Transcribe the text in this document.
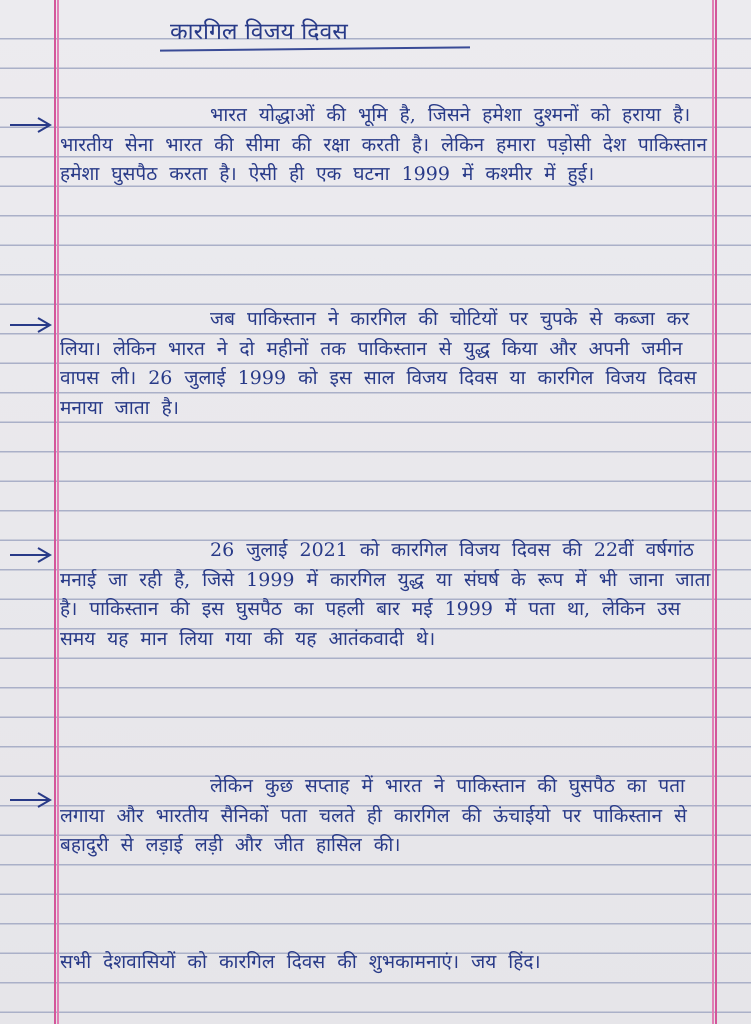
कारगिल विजय दिवस
भारत योद्धाओं की भूमि है, जिसने हमेशा दुश्मनों को हराया है। भारतीय सेना भारत की सीमा की रक्षा करती है। लेकिन हमारा पड़ोसी देश पाकिस्तान हमेशा घुसपैठ करता है। ऐसी ही एक घटना 1999 में कश्मीर में हुई।
जब पाकिस्तान ने कारगिल की चोटियों पर चुपके से कब्जा कर लिया। लेकिन भारत ने दो महीनों तक पाकिस्तान से युद्ध किया और अपनी जमीन वापस ली। 26 जुलाई 1999 को इस साल विजय दिवस या कारगिल विजय दिवस मनाया जाता है।
26 जुलाई 2021 को कारगिल विजय दिवस की 22वीं वर्षगांठ मनाई जा रही है, जिसे 1999 में कारगिल युद्ध या संघर्ष के रूप में भी जाना जाता है। पाकिस्तान की इस घुसपैठ का पहली बार मई 1999 में पता था, लेकिन उस समय यह मान लिया गया की यह आतंकवादी थे।
लेकिन कुछ सप्ताह में भारत ने पाकिस्तान की घुसपैठ का पता लगाया और भारतीय सैनिकों पता चलते ही कारगिल की ऊंचाईयो पर पाकिस्तान से बहादुरी से लड़ाई लड़ी और जीत हासिल की।
सभी देशवासियों को कारगिल दिवस की शुभकामनाएं। जय हिंद।
